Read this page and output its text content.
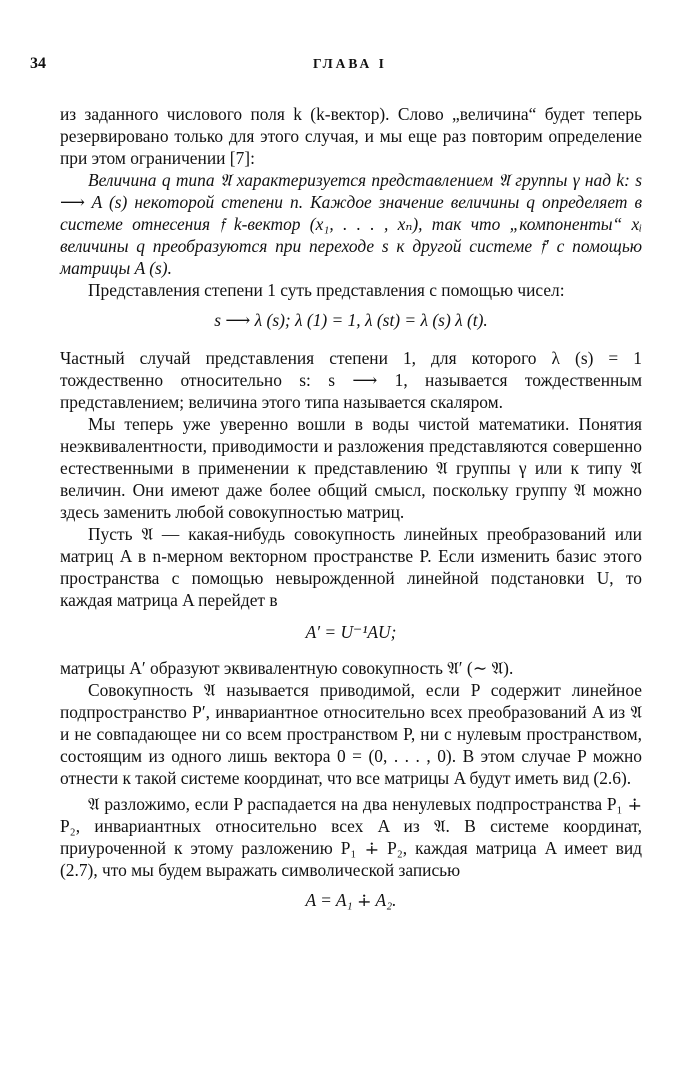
34	ГЛАВА I

из заданного числового поля k (k-вектор). Слово „величина“ будет теперь резервировано только для этого случая, и мы еще раз повторим определение при этом ограничении [7]:

Величина q типа 𝔄 характеризуется представлением 𝔄 группы γ над k: s ⟶ A (s) некоторой степени n. Каждое значение величины q определяет в системе отнесения 𝔣 k-вектор (x₁, . . . , xₙ), так что „компоненты“ xᵢ величины q преобразуются при переходе s к другой системе 𝔣′ с помощью матрицы A (s).

Представления степени 1 суть представления с помощью чисел:

s ⟶ λ (s); λ (1) = 1, λ (st) = λ (s) λ (t).

Частный случай представления степени 1, для которого λ (s) = 1 тождественно относительно s: s ⟶ 1, называется тождественным представлением; величина этого типа называется скаляром.

Мы теперь уже уверенно вошли в воды чистой математики. Понятия неэквивалентности, приводимости и разложения представляются совершенно естественными в применении к представлению 𝔄 группы γ или к типу 𝔄 величин. Они имеют даже более общий смысл, поскольку группу 𝔄 можно здесь заменить любой совокупностью матриц.

Пусть 𝔄 — какая-нибудь совокупность линейных преобразований или матриц A в n-мерном векторном пространстве P. Если изменить базис этого пространства с помощью невырожденной линейной подстановки U, то каждая матрица A перейдет в

A′ = U⁻¹AU;

матрицы A′ образуют эквивалентную совокупность 𝔄′ (∼ 𝔄).

Совокупность 𝔄 называется приводимой, если P содержит линейное подпространство P′, инвариантное относительно всех преобразований A из 𝔄 и не совпадающее ни со всем пространством P, ни с нулевым пространством, состоящим из одного лишь вектора 0 = (0, . . . , 0). В этом случае P можно отнести к такой системе координат, что все матрицы A будут иметь вид (2.6).

𝔄 разложимо, если P распадается на два ненулевых подпространства P₁ ∔ P₂, инвариантных относительно всех A из 𝔄. В системе координат, приуроченной к этому разложению P₁ ∔ P₂, каждая матрица A имеет вид (2.7), что мы будем выражать символической записью

A = A₁ ∔ A₂.
